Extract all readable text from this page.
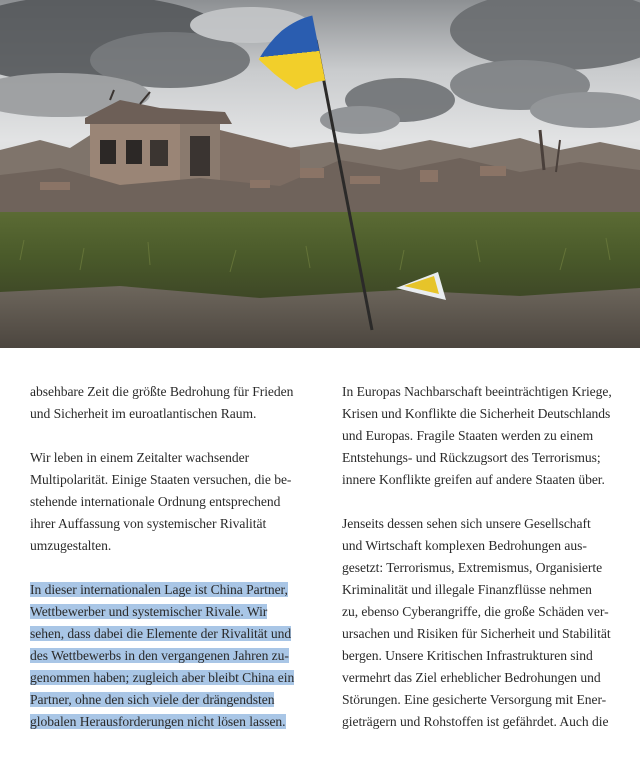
absehbare Zeit die größte Bedrohung für Frieden
und Sicherheit im euroatlantischen Raum.

Wir leben in einem Zeitalter wachsender
Multipolarität. Einige Staaten versuchen, die be-
stehende internationale Ordnung entsprechend
ihrer Auffassung von systemischer Rivalität
umzugestalten.

In dieser internationalen Lage ist China Partner,
Wettbewerber und systemischer Rivale. Wir
sehen, dass dabei die Elemente der Rivalität und
des Wettbewerbs in den vergangenen Jahren zu-
genommen haben; zugleich aber bleibt China ein
Partner, ohne den sich viele der drängendsten
globalen Herausforderungen nicht lösen lassen.

In Europas Nachbarschaft beeinträchtigen Kriege,
Krisen und Konflikte die Sicherheit Deutschlands
und Europas. Fragile Staaten werden zu einem
Entstehungs- und Rückzugsort des Terrorismus;
innere Konflikte greifen auf andere Staaten über.

Jenseits dessen sehen sich unsere Gesellschaft
und Wirtschaft komplexen Bedrohungen aus-
gesetzt: Terrorismus, Extremismus, Organisierte
Kriminalität und illegale Finanzflüsse nehmen
zu, ebenso Cyberangriffe, die große Schäden ver-
ursachen und Risiken für Sicherheit und Stabilität
bergen. Unsere Kritischen Infrastrukturen sind
vermehrt das Ziel erheblicher Bedrohungen und
Störungen. Eine gesicherte Versorgung mit Ener-
gieträgern und Rohstoffen ist gefährdet. Auch die
